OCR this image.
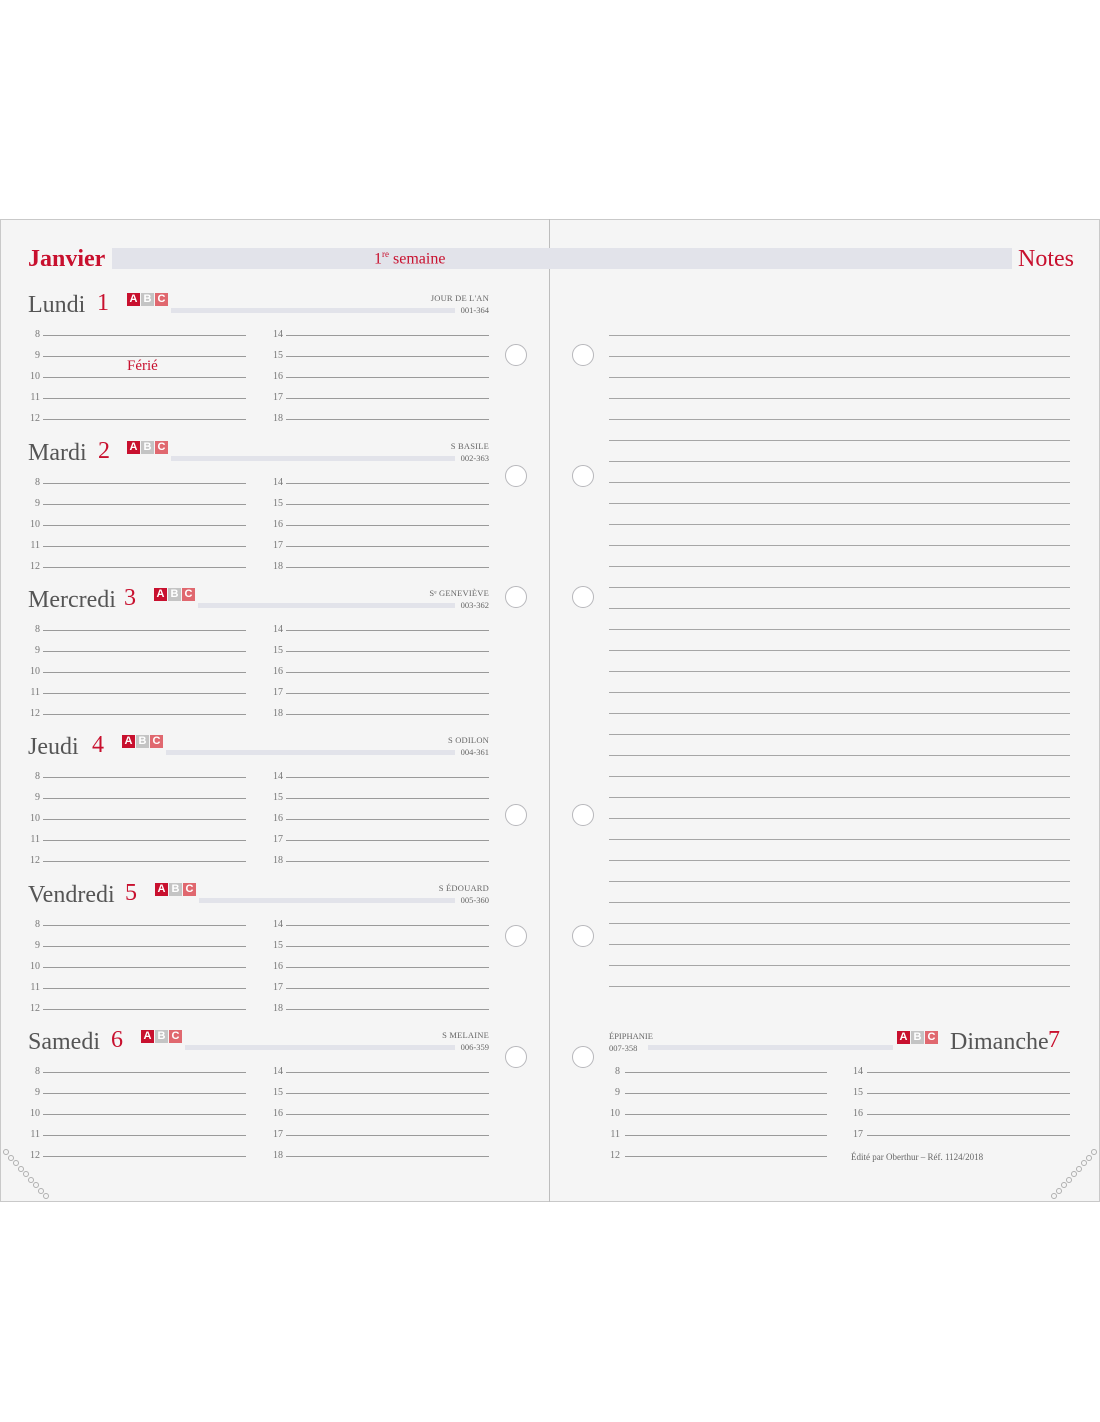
Janvier	1re semaine	Notes
Lundi 1 A B C	JOUR DE L'AN
001-364
8	14
9	15
10	16
11	17
12	18
Mardi 2 A B C	S BASILE
002-363
8	14
9	15
10	16
11	17
12	18
Mercredi 3 A B C	Sᵉ GENEVIÈVE
003-362
8	14
9	15
10	16
11	17
12	18
Jeudi 4 A B C	S ODILON
004-361
8	14
9	15
10	16
11	17
12	18
Vendredi 5 A B C	S ÉDOUARD
005-360
8	14
9	15
10	16
11	17
12	18
Samedi 6 A B C	S MELAINE
006-359
8	14
9	15
10	16
11	17
12	18
Férié
ÉPIPHANIE
007-358
A B C Dimanche 7
8	14
9	15
10	16
11	17
12	Édité par Oberthur – Réf. 1124/2018
